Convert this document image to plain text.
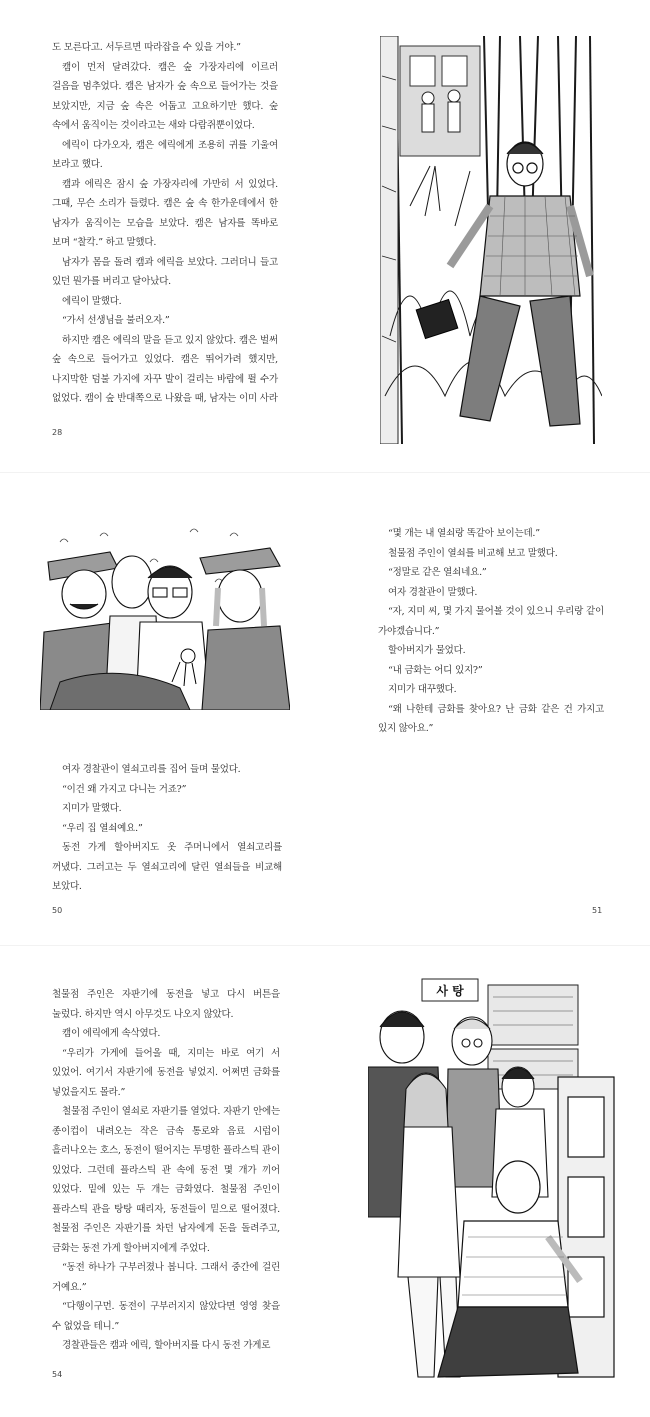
도 모른다고. 서두르면 따라잡을 수 있을 거야.”

캠이 먼저 달려갔다. 캠은 숲 가장자리에 이르러 걸음을 멈추었다. 캠은 남자가 숲 속으로 들어가는 것을 보았지만, 지금 숲 속은 어둡고 고요하기만 했다. 숲 속에서 움직이는 것이라고는 새와 다람쥐뿐이었다.

에릭이 다가오자, 캠은 에릭에게 조용히 귀를 기울여 보라고 했다.

캠과 에릭은 잠시 숲 가장자리에 가만히 서 있었다. 그때, 무슨 소리가 들렸다. 캠은 숲 속 한가운데에서 한 남자가 움직이는 모습을 보았다. 캠은 남자를 똑바로 보며 “찰칵.” 하고 말했다.

남자가 몸을 돌려 캠과 에릭을 보았다. 그러더니 들고 있던 뭔가를 버리고 달아났다.

에릭이 말했다.

“가서 선생님을 불러오자.”

하지만 캠은 에릭의 말을 듣고 있지 않았다. 캠은 벌써 숲 속으로 들어가고 있었다. 캠은 뛰어가려 했지만, 나지막한 덤불 가지에 자꾸 발이 걸리는 바람에 뛸 수가 없었다. 캠이 숲 반대쪽으로 나왔을 때, 남자는 이미 사라

28

여자 경찰관이 열쇠고리를 집어 들며 물었다.

“이건 왜 가지고 다니는 거죠?”

지미가 말했다.

“우리 집 열쇠예요.”

동전 가게 할아버지도 옷 주머니에서 열쇠고리를 꺼냈다. 그러고는 두 열쇠고리에 달린 열쇠들을 비교해 보았다.

50

“몇 개는 내 열쇠랑 똑같아 보이는데.”

철물점 주인이 열쇠를 비교해 보고 말했다.

“정말로 같은 열쇠네요.”

여자 경찰관이 말했다.

“자, 지미 씨, 몇 가지 물어볼 것이 있으니 우리랑 같이 가야겠습니다.”

할아버지가 물었다.

“내 금화는 어디 있지?”

지미가 대꾸했다.

“왜 나한테 금화를 찾아요? 난 금화 같은 건 가지고 있지 않아요.”

51

철물점 주인은 자판기에 동전을 넣고 다시 버튼을 눌렀다. 하지만 역시 아무것도 나오지 않았다.

캠이 에릭에게 속삭였다.

“우리가 가게에 들어올 때, 지미는 바로 여기 서 있었어. 여기서 자판기에 동전을 넣었지. 어쩌면 금화를 넣었을지도 몰라.”

철물점 주인이 열쇠로 자판기를 열었다. 자판기 안에는 종이컵이 내려오는 작은 금속 통로와 음료 시럽이 흘러나오는 호스, 동전이 떨어지는 투명한 플라스틱 관이 있었다. 그런데 플라스틱 관 속에 동전 몇 개가 끼어 있었다. 밑에 있는 두 개는 금화였다. 철물점 주인이 플라스틱 관을 탕탕 때리자, 동전들이 밑으로 떨어졌다. 철물점 주인은 자판기를 차던 남자에게 돈을 돌려주고, 금화는 동전 가게 할아버지에게 주었다.

“동전 하나가 구부러졌나 봅니다. 그래서 중간에 걸린 거예요.”

“다행이구먼. 동전이 구부러지지 않았다면 영영 찾을 수 없었을 테니.”

경찰관들은 캠과 에릭, 할아버지를 다시 동전 가게로

54
사 탕
